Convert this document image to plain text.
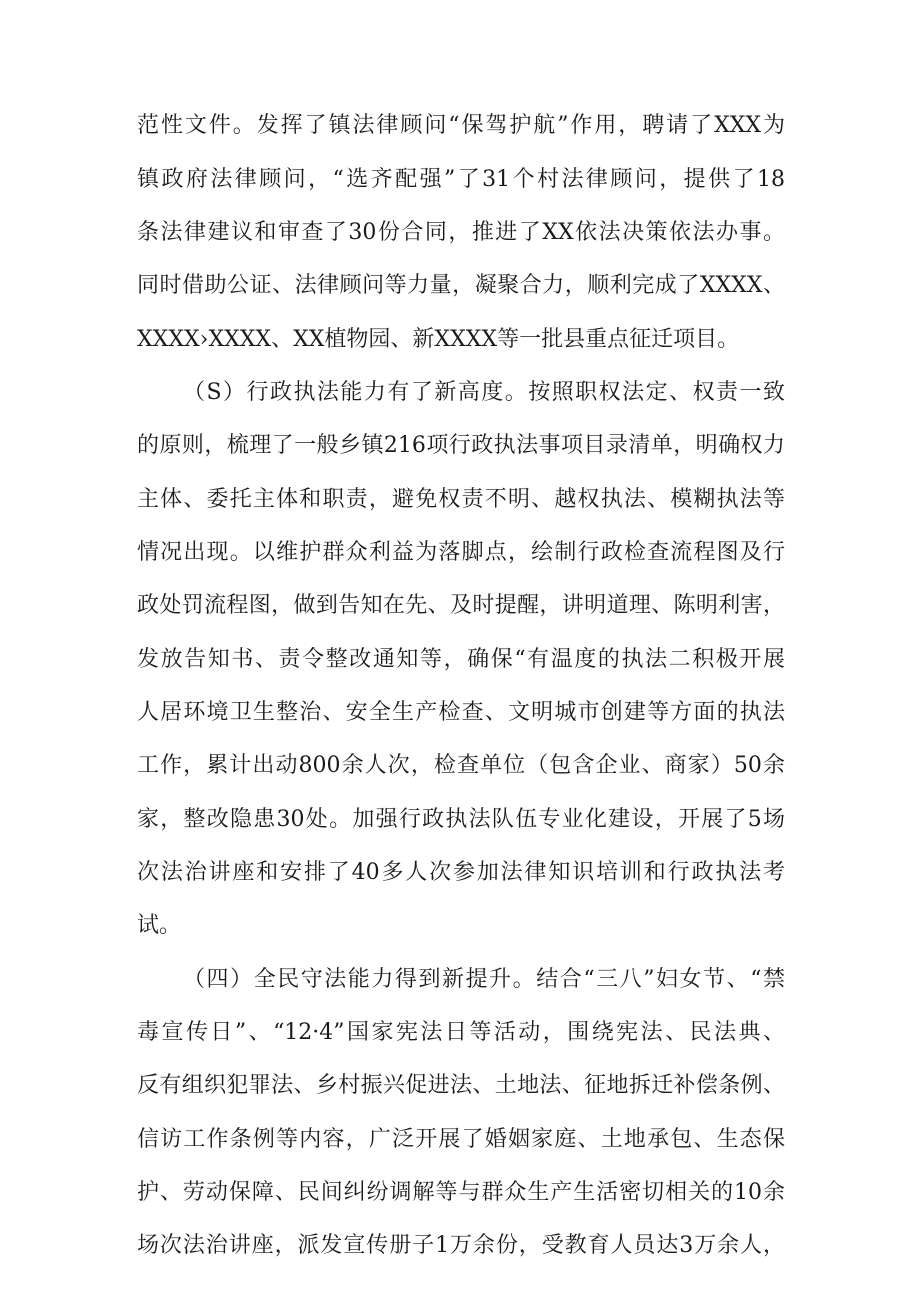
范性文件。发挥了镇法律顾问“保驾护航”作用，聘请了XXX为
镇政府法律顾问，“选齐配强”了31个村法律顾问，提供了18
条法律建议和审查了30份合同，推进了XX依法决策依法办事。
同时借助公证、法律顾问等力量，凝聚合力，顺利完成了XXXX、
XXXX›XXXX、XX植物园、新XXXX等一批县重点征迁项目。
（S）行政执法能力有了新高度。按照职权法定、权责一致
的原则，梳理了一般乡镇216项行政执法事项目录清单，明确权力
主体、委托主体和职责，避免权责不明、越权执法、模糊执法等
情况出现。以维护群众利益为落脚点，绘制行政检查流程图及行
政处罚流程图，做到告知在先、及时提醒，讲明道理、陈明利害，
发放告知书、责令整改通知等，确保“有温度的执法二积极开展
人居环境卫生整治、安全生产检查、文明城市创建等方面的执法
工作，累计出动800余人次，检查单位（包含企业、商家）50余
家，整改隐患30处。加强行政执法队伍专业化建设，开展了5场
次法治讲座和安排了40多人次参加法律知识培训和行政执法考
试。
（四）全民守法能力得到新提升。结合“三八”妇女节、“禁
毒宣传日”、“12·4”国家宪法日等活动，围绕宪法、民法典、
反有组织犯罪法、乡村振兴促进法、土地法、征地拆迁补偿条例、
信访工作条例等内容，广泛开展了婚姻家庭、土地承包、生态保
护、劳动保障、民间纠纷调解等与群众生产生活密切相关的10余
场次法治讲座，派发宣传册子1万余份，受教育人员达3万余人，
